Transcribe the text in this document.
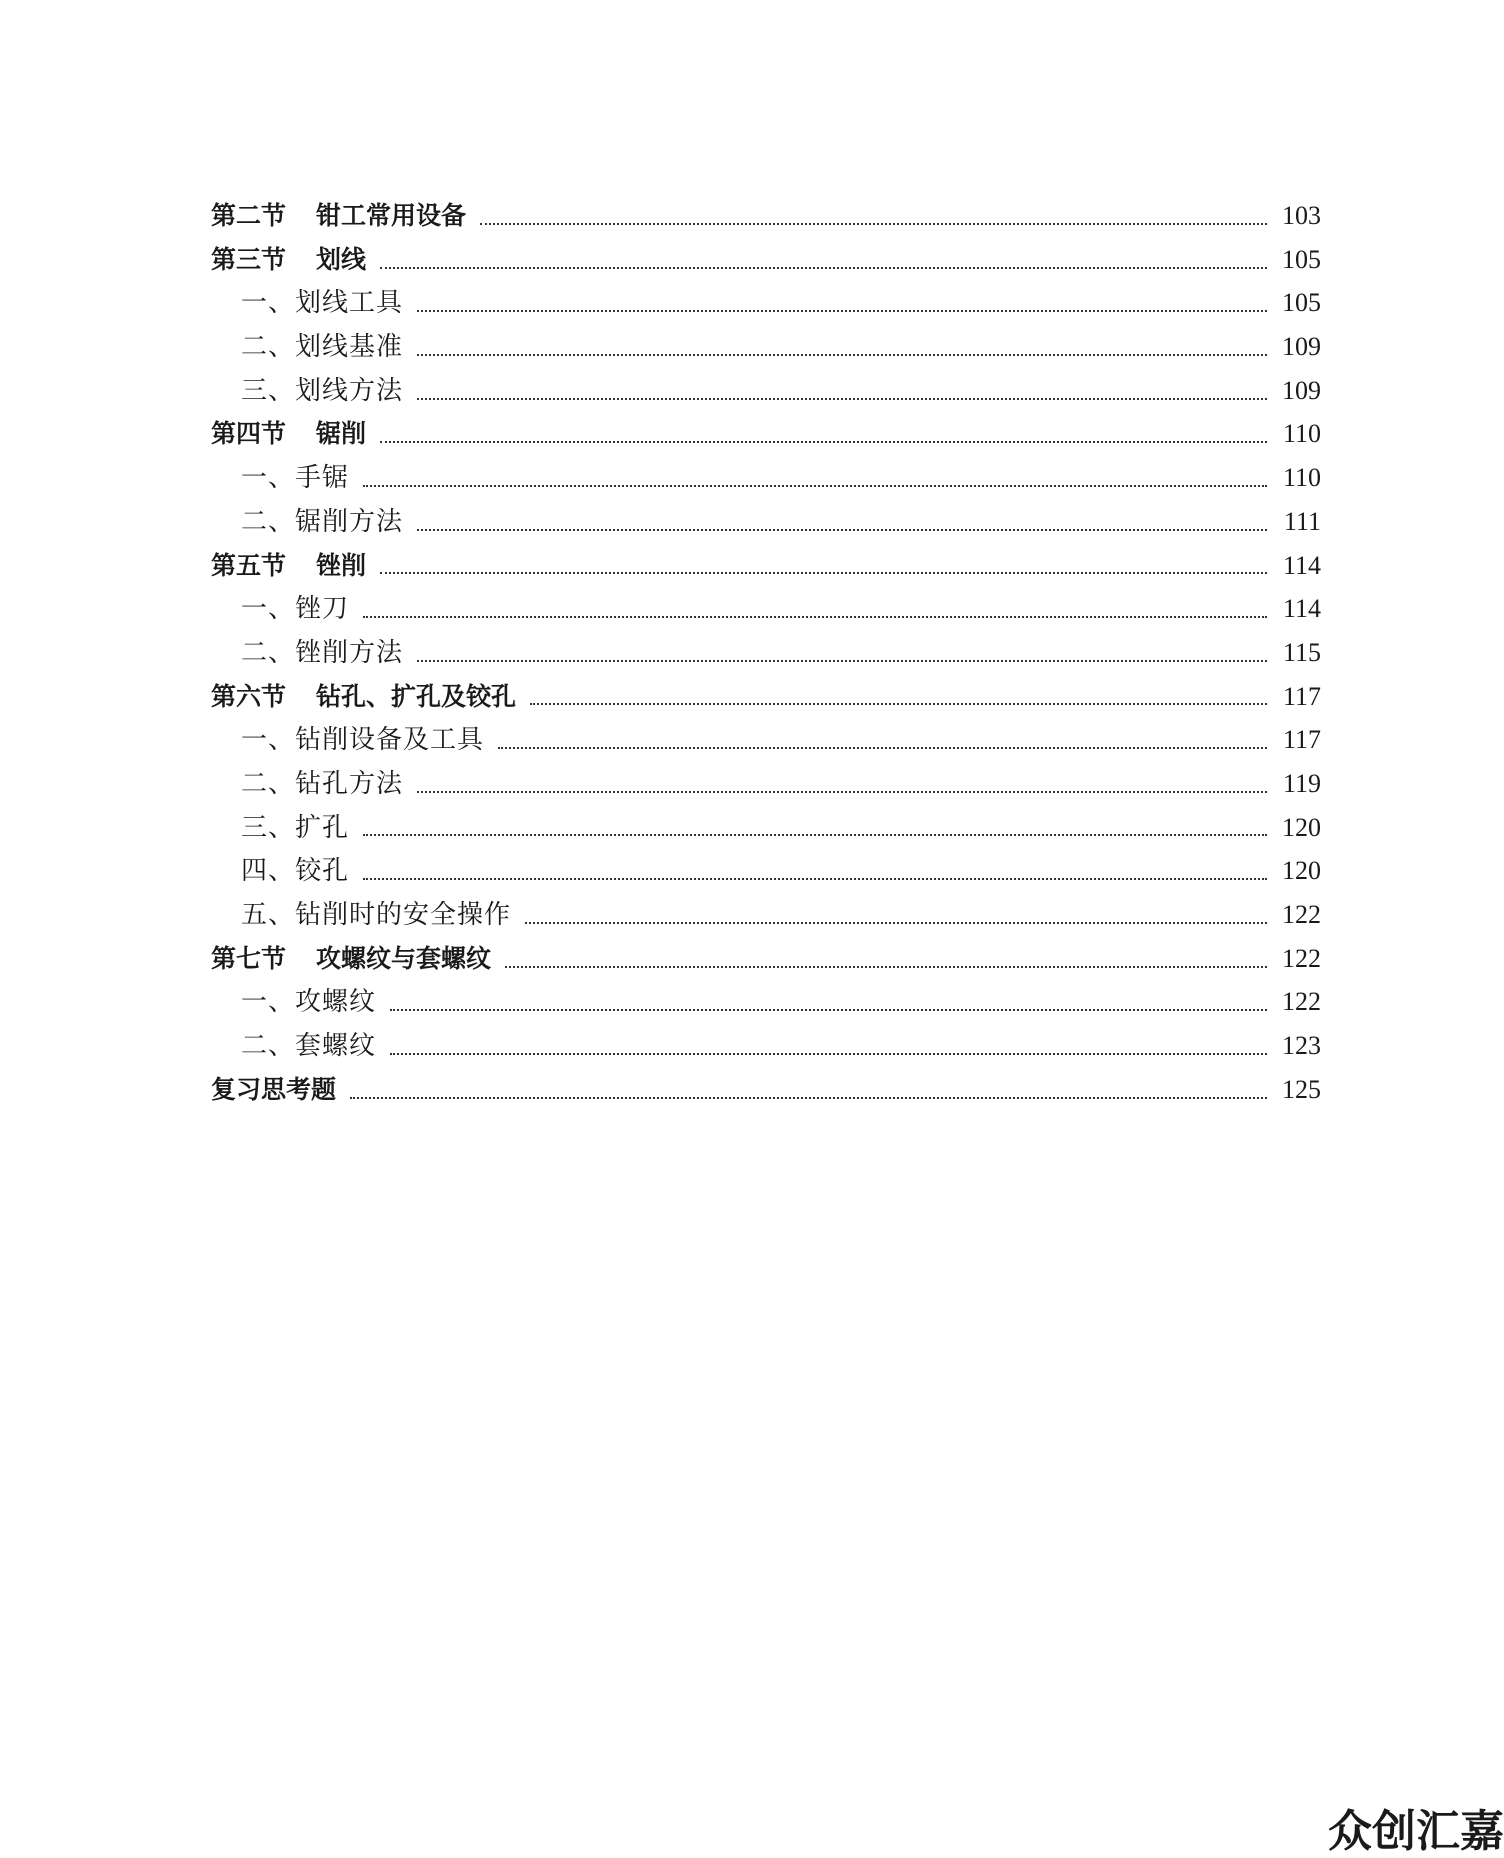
第二节 钳工常用设备	103
第三节 划线	105
一、划线工具	105
二、划线基准	109
三、划线方法	109
第四节 锯削	110
一、手锯	110
二、锯削方法	111
第五节 锉削	114
一、锉刀	114
二、锉削方法	115
第六节 钻孔、扩孔及铰孔	117
一、钻削设备及工具	117
二、钻孔方法	119
三、扩孔	120
四、铰孔	120
五、钻削时的安全操作	122
第七节 攻螺纹与套螺纹	122
一、攻螺纹	122
二、套螺纹	123
复习思考题	125
众创汇嘉
